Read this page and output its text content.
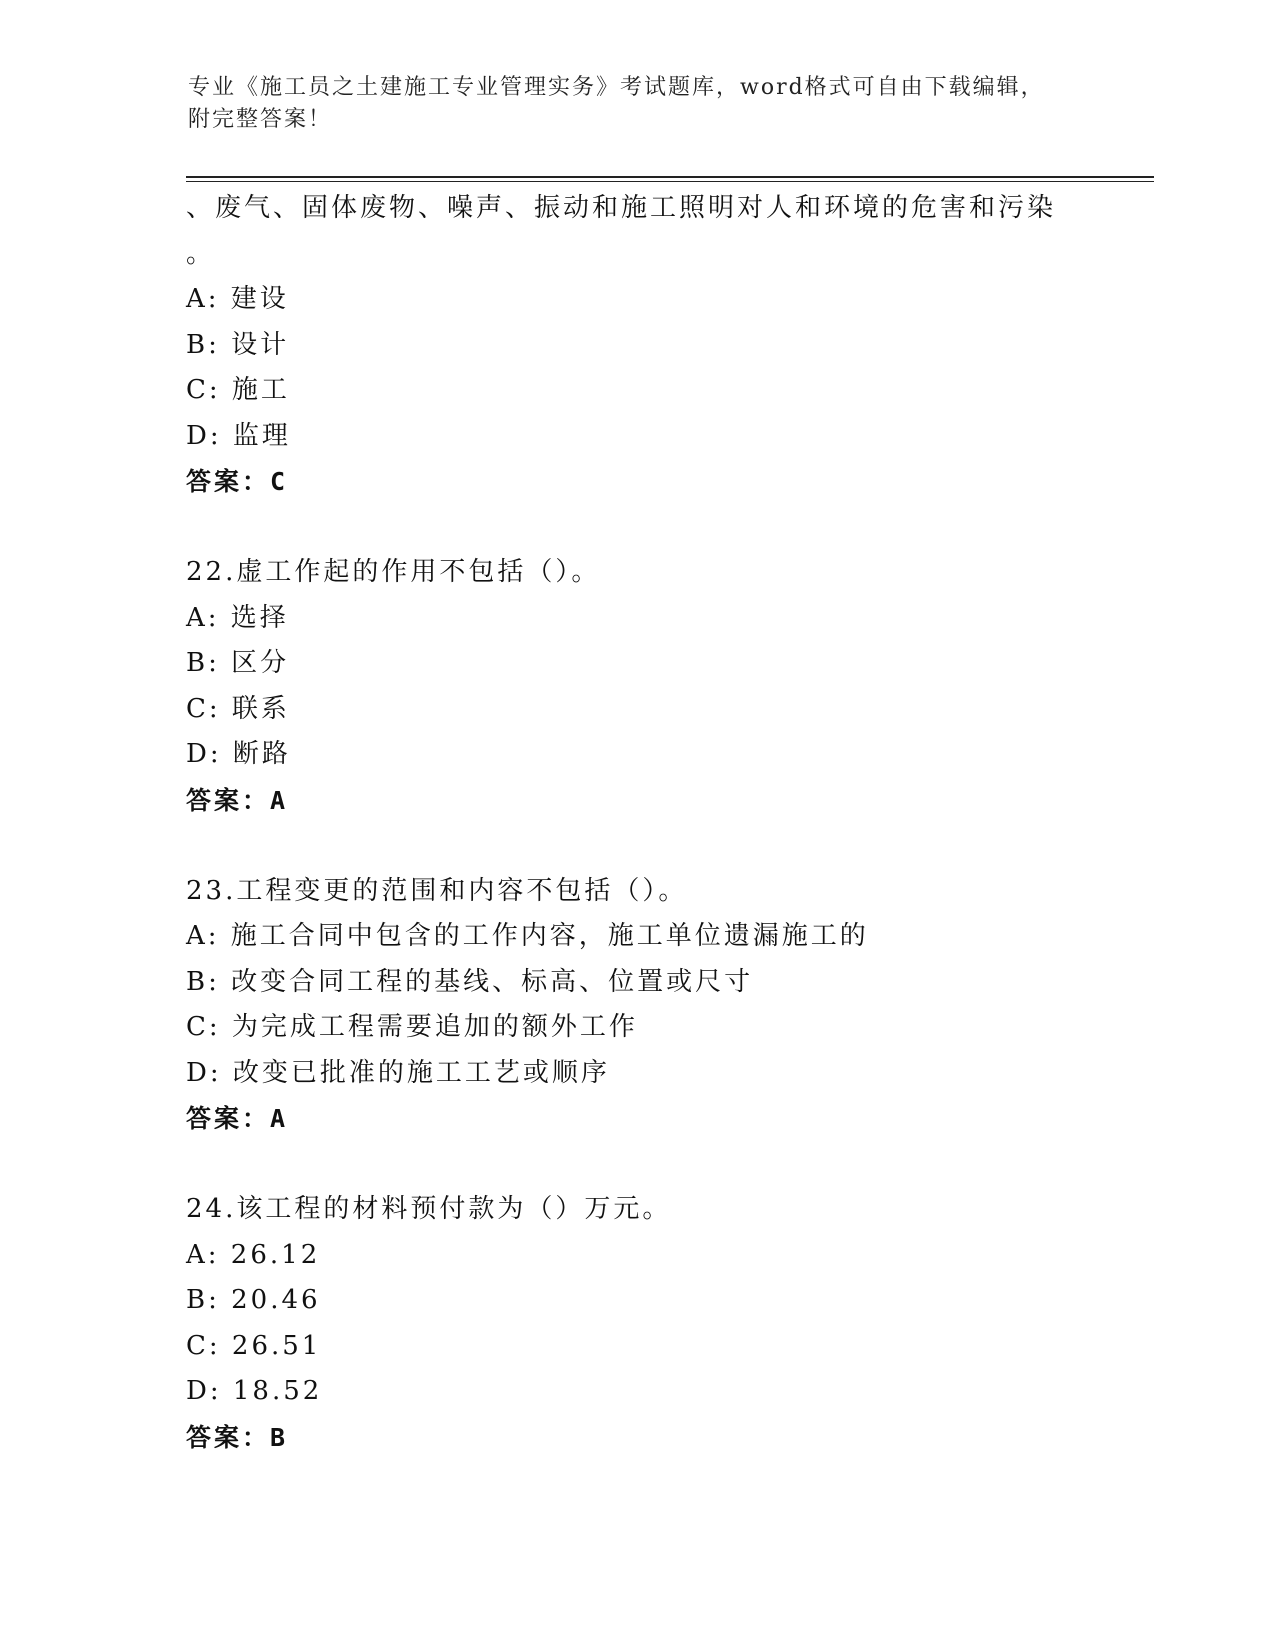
专业《施工员之土建施工专业管理实务》考试题库，word格式可自由下载编辑，
附完整答案！
、废气、固体废物、噪声、振动和施工照明对人和环境的危害和污染
。
A: 建设
B: 设计
C: 施工
D: 监理
答案：C
22.虚工作起的作用不包括（）。
A: 选择
B: 区分
C: 联系
D: 断路
答案：A
23.工程变更的范围和内容不包括（）。
A: 施工合同中包含的工作内容，施工单位遗漏施工的
B: 改变合同工程的基线、标高、位置或尺寸
C: 为完成工程需要追加的额外工作
D: 改变已批准的施工工艺或顺序
答案：A
24.该工程的材料预付款为（）万元。
A: 26.12
B: 20.46
C: 26.51
D: 18.52
答案：B
